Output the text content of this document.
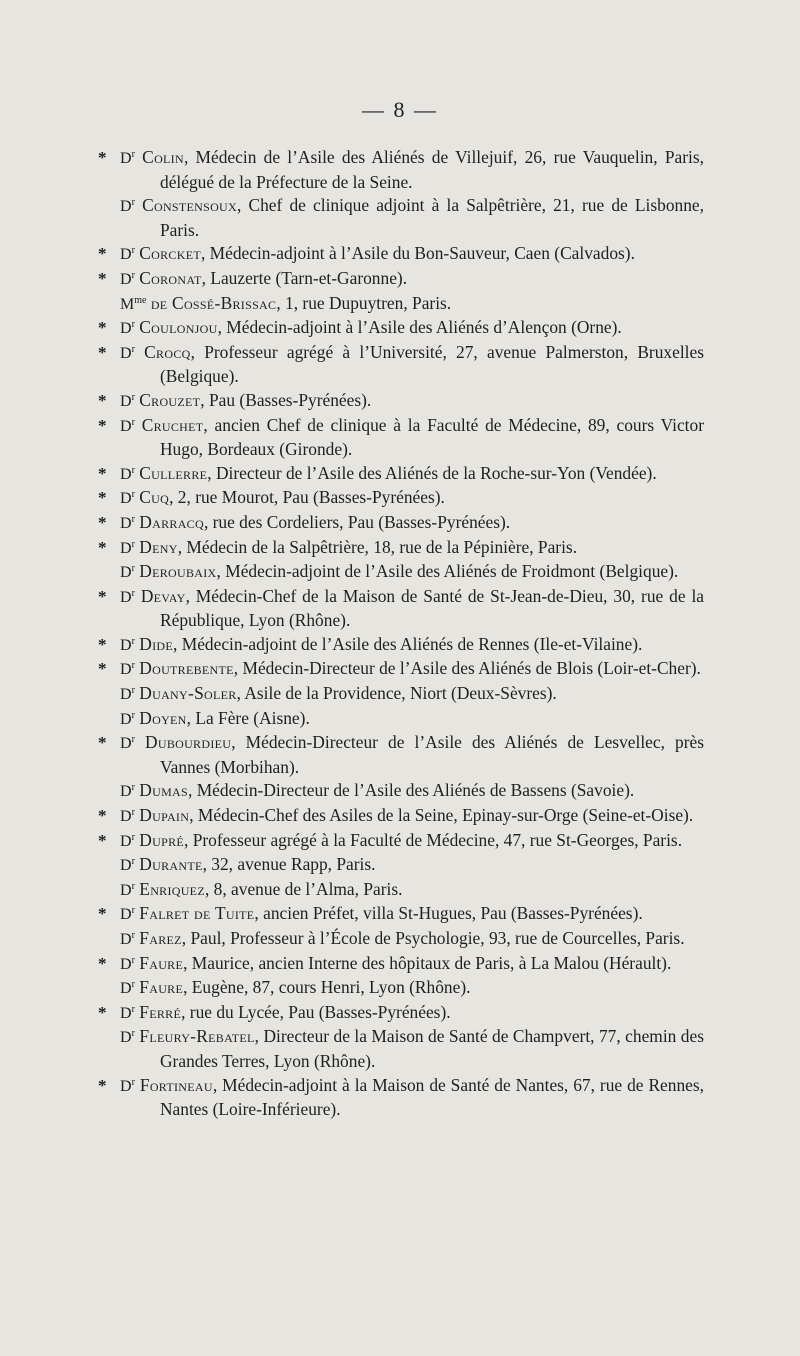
— 8 —

* $D^r$ Colin, Médecin de l’Asile des Aliénés de Villejuif, 26, rue Vauquelin, Paris, délégué de la Préfecture de la Seine.

$D^r$ Constensoux, Chef de clinique adjoint à la Salpêtrière, 21, rue de Lisbonne, Paris.

* $D^r$ Corcket, Médecin-adjoint à l’Asile du Bon-Sauveur, Caen (Calvados).

* $D^r$ Coronat, Lauzerte (Tarn-et-Garonne).

$M^{me}$ de Cossé-Brissac, 1, rue Dupuytren, Paris.

* $D^r$ Coulonjou, Médecin-adjoint à l’Asile des Aliénés d’Alençon (Orne).

* $D^r$ Crocq, Professeur agrégé à l’Université, 27, avenue Palmerston, Bruxelles (Belgique).

* $D^r$ Crouzet, Pau (Basses-Pyrénées).

* $D^r$ Cruchet, ancien Chef de clinique à la Faculté de Médecine, 89, cours Victor Hugo, Bordeaux (Gironde).

* $D^r$ Cullerre, Directeur de l’Asile des Aliénés de la Roche-sur-Yon (Vendée).

* $D^r$ Cuq, 2, rue Mourot, Pau (Basses-Pyrénées).

* $D^r$ Darracq, rue des Cordeliers, Pau (Basses-Pyrénées).

* $D^r$ Deny, Médecin de la Salpêtrière, 18, rue de la Pépinière, Paris.

$D^r$ Deroubaix, Médecin-adjoint de l’Asile des Aliénés de Froidmont (Belgique).

* $D^r$ Devay, Médecin-Chef de la Maison de Santé de St-Jean-de-Dieu, 30, rue de la République, Lyon (Rhône).

* $D^r$ Dide, Médecin-adjoint de l’Asile des Aliénés de Rennes (Ile-et-Vilaine).

* $D^r$ Doutrebente, Médecin-Directeur de l’Asile des Aliénés de Blois (Loir-et-Cher).

$D^r$ Duany-Soler, Asile de la Providence, Niort (Deux-Sèvres).

$D^r$ Doyen, La Fère (Aisne).

* $D^r$ Dubourdieu, Médecin-Directeur de l’Asile des Aliénés de Lesvellec, près Vannes (Morbihan).

$D^r$ Dumas, Médecin-Directeur de l’Asile des Aliénés de Bassens (Savoie).

* $D^r$ Dupain, Médecin-Chef des Asiles de la Seine, Epinay-sur-Orge (Seine-et-Oise).

* $D^r$ Dupré, Professeur agrégé à la Faculté de Médecine, 47, rue St-Georges, Paris.

$D^r$ Durante, 32, avenue Rapp, Paris.

$D^r$ Enriquez, 8, avenue de l’Alma, Paris.

* $D^r$ Falret de Tuite, ancien Préfet, villa St-Hugues, Pau (Basses-Pyrénées).

$D^r$ Farez, Paul, Professeur à l’École de Psychologie, 93, rue de Courcelles, Paris.

* $D^r$ Faure, Maurice, ancien Interne des hôpitaux de Paris, à La Malou (Hérault).

$D^r$ Faure, Eugène, 87, cours Henri, Lyon (Rhône).

* $D^r$ Ferré, rue du Lycée, Pau (Basses-Pyrénées).

$D^r$ Fleury-Rebatel, Directeur de la Maison de Santé de Champvert, 77, chemin des Grandes Terres, Lyon (Rhône).

* $D^r$ Fortineau, Médecin-adjoint à la Maison de Santé de Nantes, 67, rue de Rennes, Nantes (Loire-Inférieure).
